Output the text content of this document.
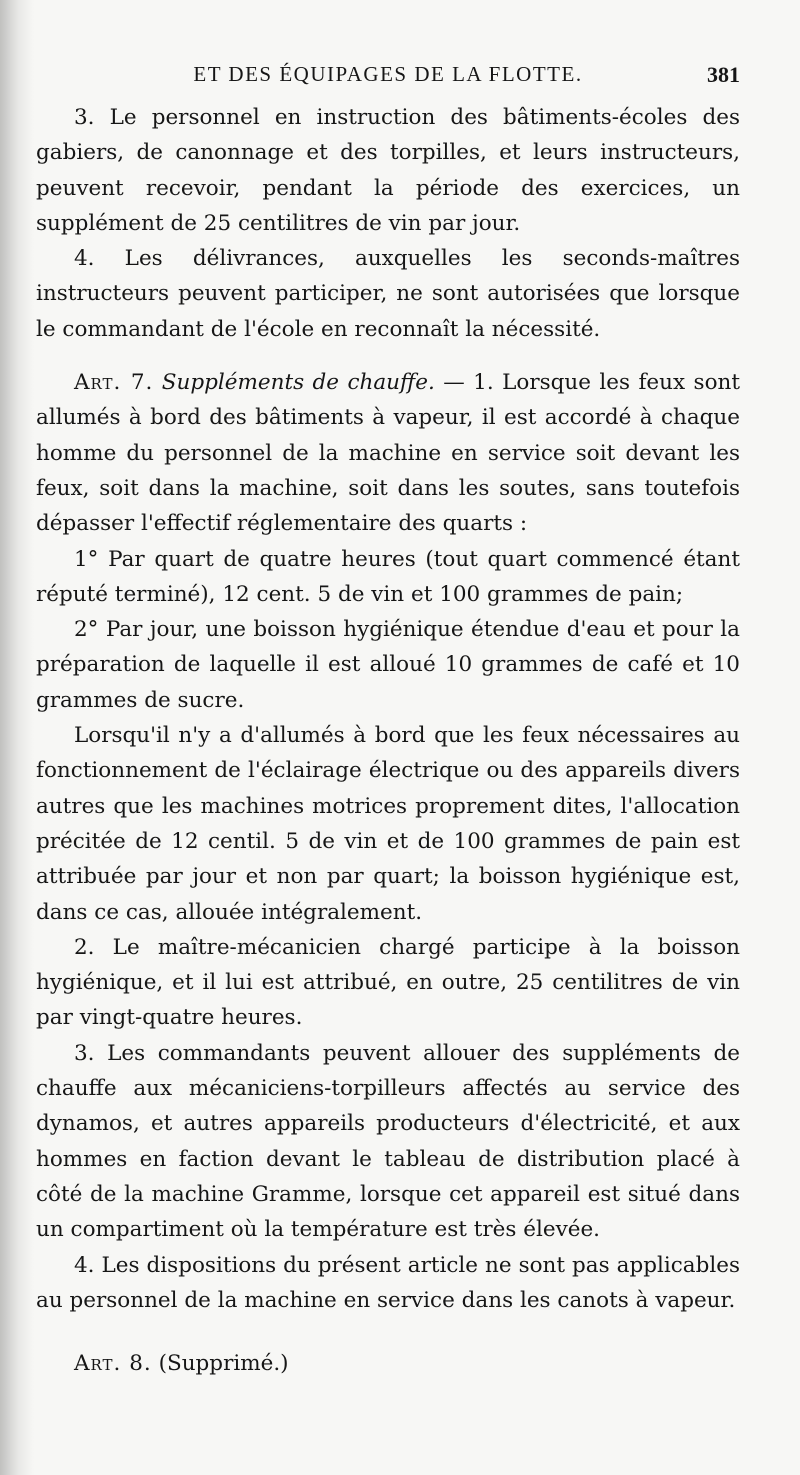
ET DES ÉQUIPAGES DE LA FLOTTE.	381

3. Le personnel en instruction des bâtiments-écoles des gabiers, de canonnage et des torpilles, et leurs instructeurs, peuvent recevoir, pendant la période des exercices, un supplément de 25 centilitres de vin par jour.

4. Les délivrances, auxquelles les seconds-maîtres instructeurs peuvent participer, ne sont autorisées que lorsque le commandant de l'école en reconnaît la nécessité.

Art. 7. Suppléments de chauffe. — 1. Lorsque les feux sont allumés à bord des bâtiments à vapeur, il est accordé à chaque homme du personnel de la machine en service soit devant les feux, soit dans la machine, soit dans les soutes, sans toutefois dépasser l'effectif réglementaire des quarts :

1° Par quart de quatre heures (tout quart commencé étant réputé terminé), 12 cent. 5 de vin et 100 grammes de pain;

2° Par jour, une boisson hygiénique étendue d'eau et pour la préparation de laquelle il est alloué 10 grammes de café et 10 grammes de sucre.

Lorsqu'il n'y a d'allumés à bord que les feux nécessaires au fonctionnement de l'éclairage électrique ou des appareils divers autres que les machines motrices proprement dites, l'allocation précitée de 12 centil. 5 de vin et de 100 grammes de pain est attribuée par jour et non par quart; la boisson hygiénique est, dans ce cas, allouée intégralement.

2. Le maître-mécanicien chargé participe à la boisson hygiénique, et il lui est attribué, en outre, 25 centilitres de vin par vingt-quatre heures.

3. Les commandants peuvent allouer des suppléments de chauffe aux mécaniciens-torpilleurs affectés au service des dynamos, et autres appareils producteurs d'électricité, et aux hommes en faction devant le tableau de distribution placé à côté de la machine Gramme, lorsque cet appareil est situé dans un compartiment où la température est très élevée.

4. Les dispositions du présent article ne sont pas applicables au personnel de la machine en service dans les canots à vapeur.

Art. 8. (Supprimé.)
